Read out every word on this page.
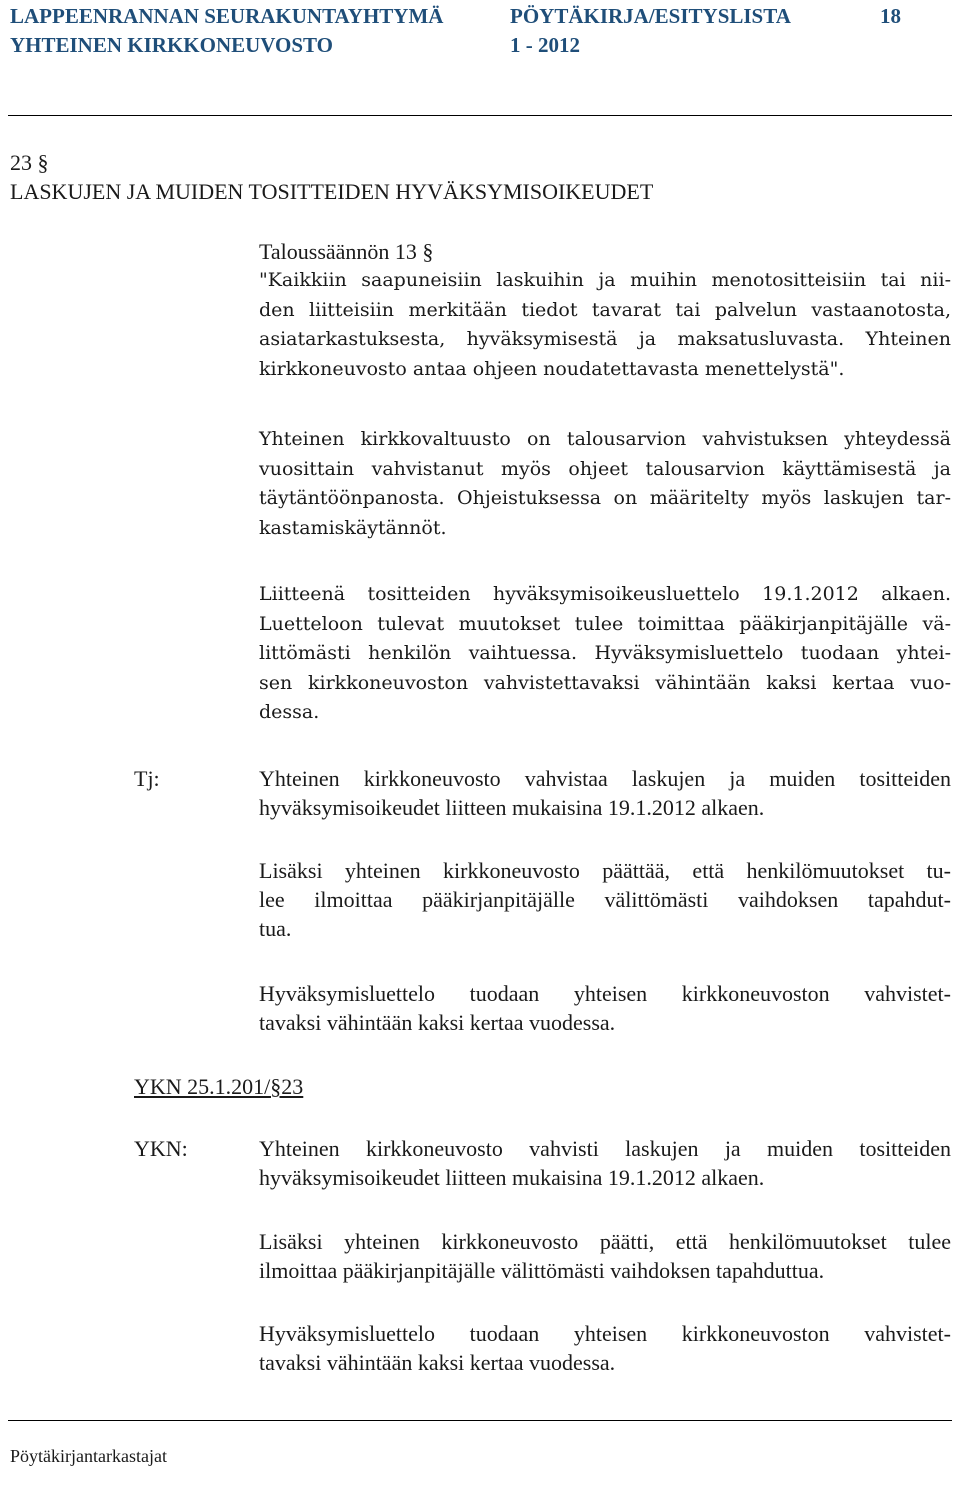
LAPPEENRANNAN SEURAKUNTAYHTYMÄ
YHTEINEN KIRKKONEUVOSTO
PÖYTÄKIRJA/ESITYSLISTA
1 - 2012
18
23 §
LASKUJEN JA MUIDEN TOSITTEIDEN HYVÄKSYMISOIKEUDET
Taloussäännön 13 §
"Kaikkiin saapuneisiin laskuihin ja muihin menotositteisiin tai nii-
den liitteisiin merkitään tiedot tavarat tai palvelun vastaanotosta,
asiatarkastuksesta, hyväksymisestä ja maksatusluvasta. Yhteinen
kirkkoneuvosto antaa ohjeen noudatettavasta menettelystä".
Yhteinen kirkkovaltuusto on talousarvion vahvistuksen yhteydessä
vuosittain vahvistanut myös ohjeet talousarvion käyttämisestä ja
täytäntöönpanosta. Ohjeistuksessa on määritelty myös laskujen tar-
kastamiskäytännöt.
Liitteenä tositteiden hyväksymisoikeusluettelo 19.1.2012 alkaen.
Luetteloon tulevat muutokset tulee toimittaa pääkirjanpitäjälle vä-
littömästi henkilön vaihtuessa. Hyväksymisluettelo tuodaan yhtei-
sen kirkkoneuvoston vahvistettavaksi vähintään kaksi kertaa vuo-
dessa.
Tj:	Yhteinen kirkkoneuvosto vahvistaa laskujen ja muiden tositteiden
hyväksymisoikeudet liitteen mukaisina 19.1.2012 alkaen.
Lisäksi yhteinen kirkkoneuvosto päättää, että henkilömuutokset tu-
lee ilmoittaa pääkirjanpitäjälle välittömästi vaihdoksen tapahdut-
tua.
Hyväksymisluettelo tuodaan yhteisen kirkkoneuvoston vahvistet-
tavaksi vähintään kaksi kertaa vuodessa.
YKN 25.1.201/§23
YKN:	Yhteinen kirkkoneuvosto vahvisti laskujen ja muiden tositteiden
hyväksymisoikeudet liitteen mukaisina 19.1.2012 alkaen.
Lisäksi yhteinen kirkkoneuvosto päätti, että henkilömuutokset tulee
ilmoittaa pääkirjanpitäjälle välittömästi vaihdoksen tapahduttua.
Hyväksymisluettelo tuodaan yhteisen kirkkoneuvoston vahvistet-
tavaksi vähintään kaksi kertaa vuodessa.
Pöytäkirjantarkastajat
